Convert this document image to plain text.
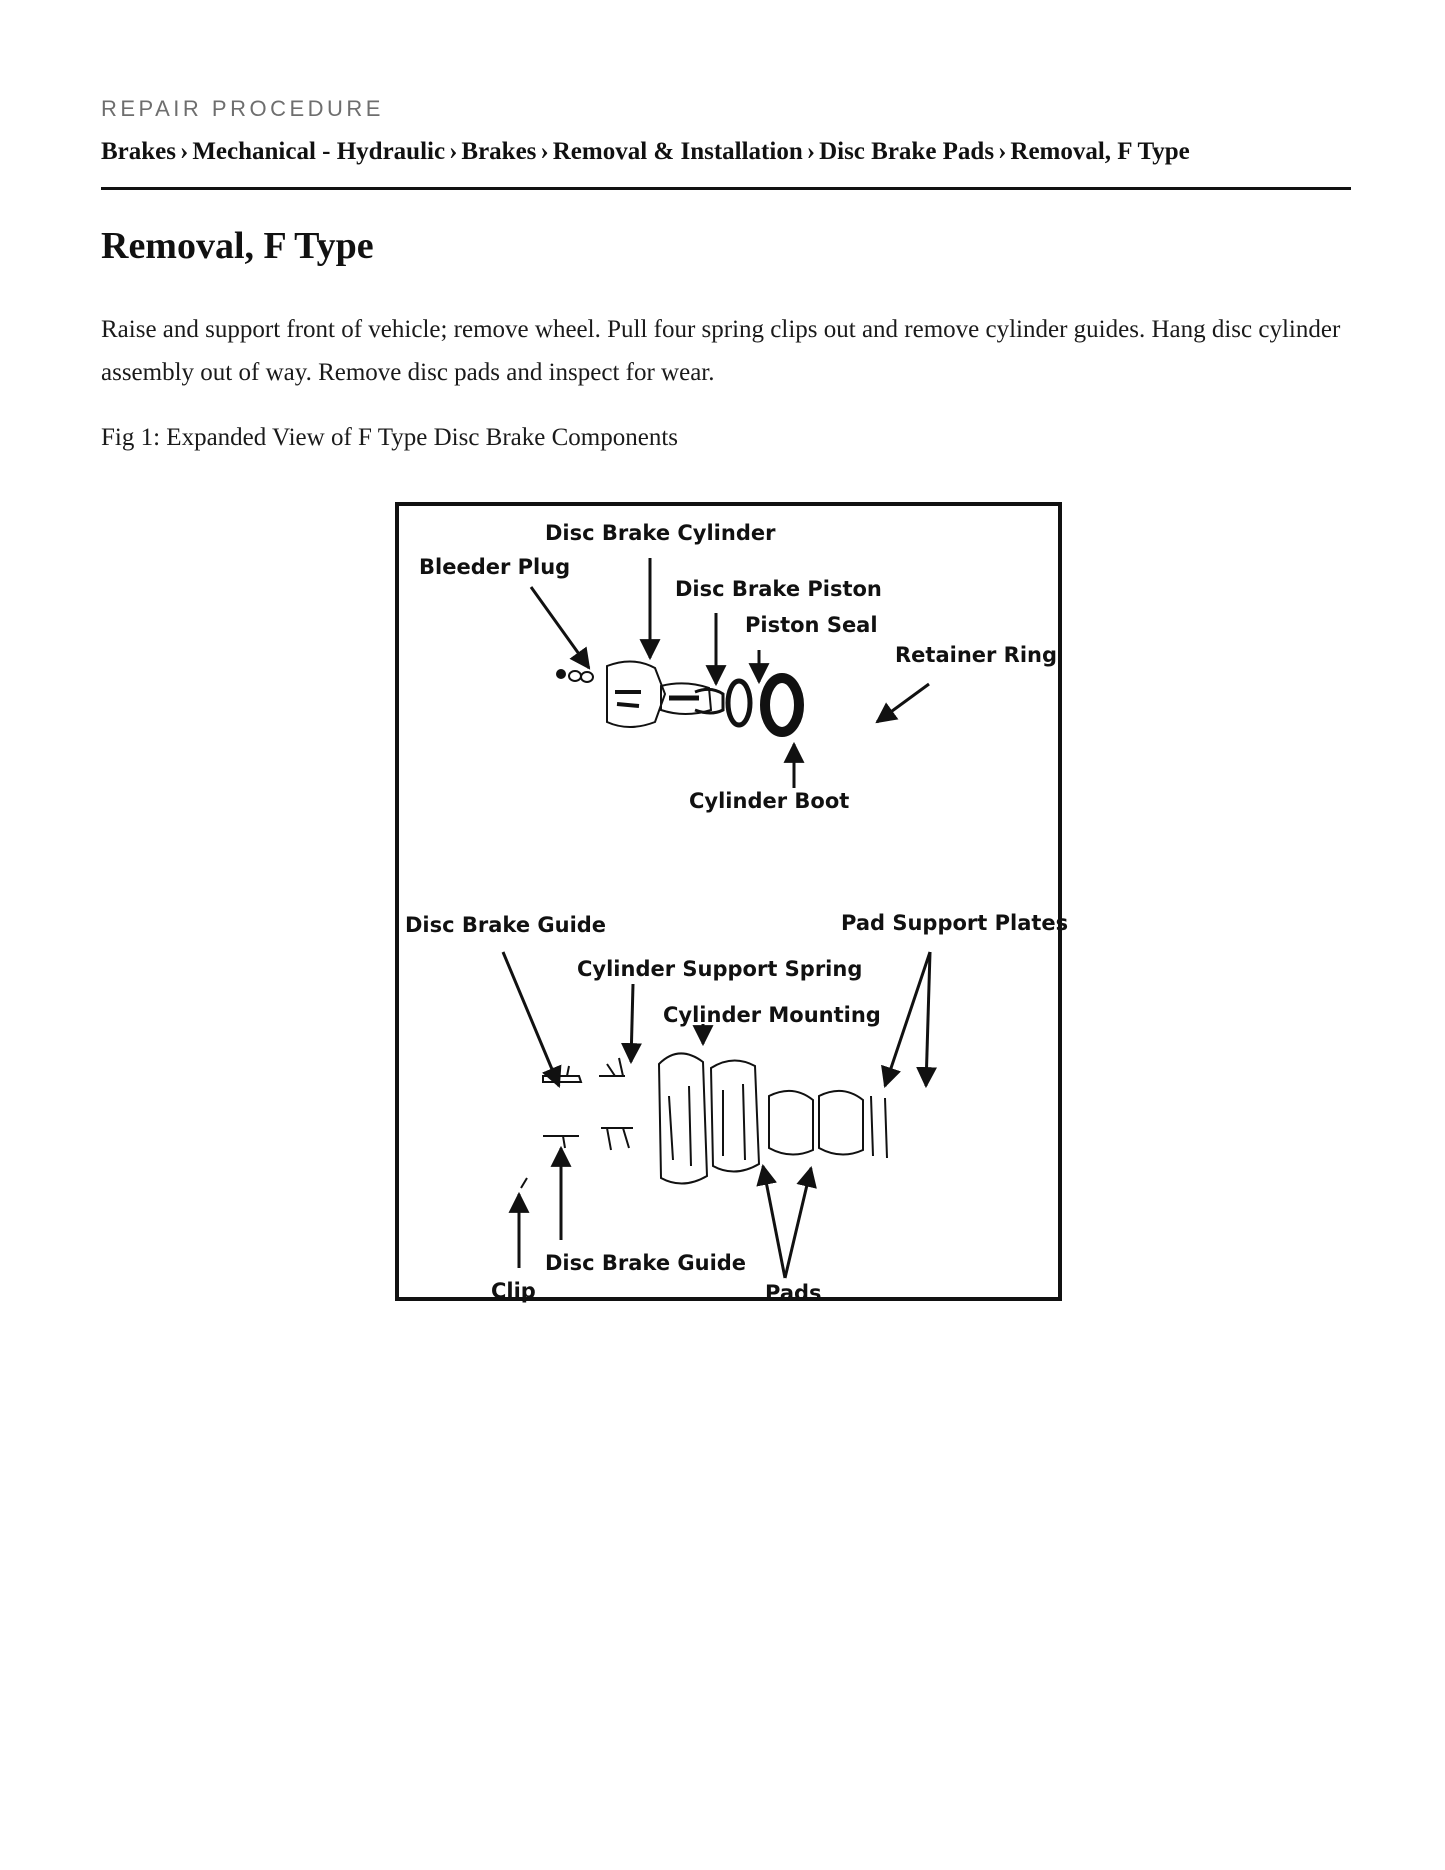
REPAIR PROCEDURE
Brakes › Mechanical - Hydraulic › Brakes › Removal & Installation › Disc Brake Pads › Removal, F Type
Removal, F Type

Raise and support front of vehicle; remove wheel. Pull four spring clips out and remove cylinder guides. Hang disc cylinder assembly out of way. Remove disc pads and inspect for wear.

Fig 1: Expanded View of F Type Disc Brake Components
Disc Brake Cylinder
Bleeder Plug
Disc Brake Piston
Piston Seal
Retainer Ring
Cylinder Boot
Disc Brake Guide	Pad Support Plates
Cylinder Support Spring
Cylinder Mounting
Disc Brake Guide
Clip	Pads
